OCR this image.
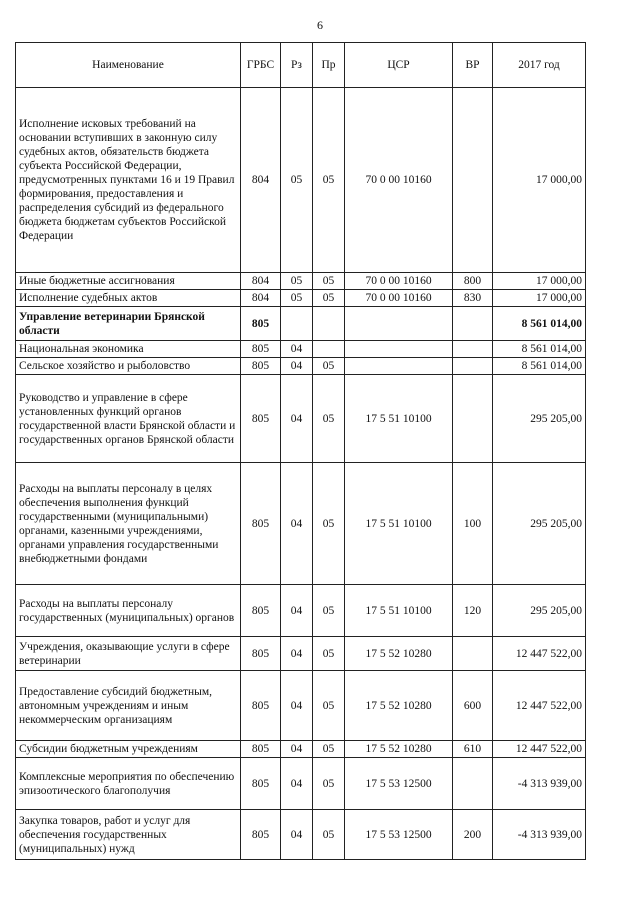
6
Наименование	ГРБС	Рз	Пр	ЦСР	ВР	2017 год
Исполнение исковых требований на основании вступивших в законную силу судебных актов, обязательств бюджета субъекта Российской Федерации, предусмотренных пунктами 16 и 19 Правил формирования, предоставления и распределения субсидий из федерального бюджета бюджетам субъектов Российской Федерации	804	05	05	70 0 00 10160		17 000,00
Иные бюджетные ассигнования	804	05	05	70 0 00 10160	800	17 000,00
Исполнение судебных актов	804	05	05	70 0 00 10160	830	17 000,00
Управление ветеринарии Брянской области	805					8 561 014,00
Национальная экономика	805	04				8 561 014,00
Сельское хозяйство и рыболовство	805	04	05			8 561 014,00
Руководство и управление в сфере установленных функций органов государственной власти Брянской области и государственных органов Брянской области	805	04	05	17 5 51 10100		295 205,00
Расходы на выплаты персоналу в целях обеспечения выполнения функций государственными (муниципальными) органами, казенными учреждениями, органами управления государственными внебюджетными фондами	805	04	05	17 5 51 10100	100	295 205,00
Расходы на выплаты персоналу государственных (муниципальных) органов	805	04	05	17 5 51 10100	120	295 205,00
Учреждения, оказывающие услуги в сфере ветеринарии	805	04	05	17 5 52 10280		12 447 522,00
Предоставление субсидий бюджетным, автономным учреждениям и иным некоммерческим организациям	805	04	05	17 5 52 10280	600	12 447 522,00
Субсидии бюджетным учреждениям	805	04	05	17 5 52 10280	610	12 447 522,00
Комплексные мероприятия по обеспечению эпизоотического благополучия	805	04	05	17 5 53 12500		-4 313 939,00
Закупка товаров, работ и услуг для обеспечения государственных (муниципальных) нужд	805	04	05	17 5 53 12500	200	-4 313 939,00
